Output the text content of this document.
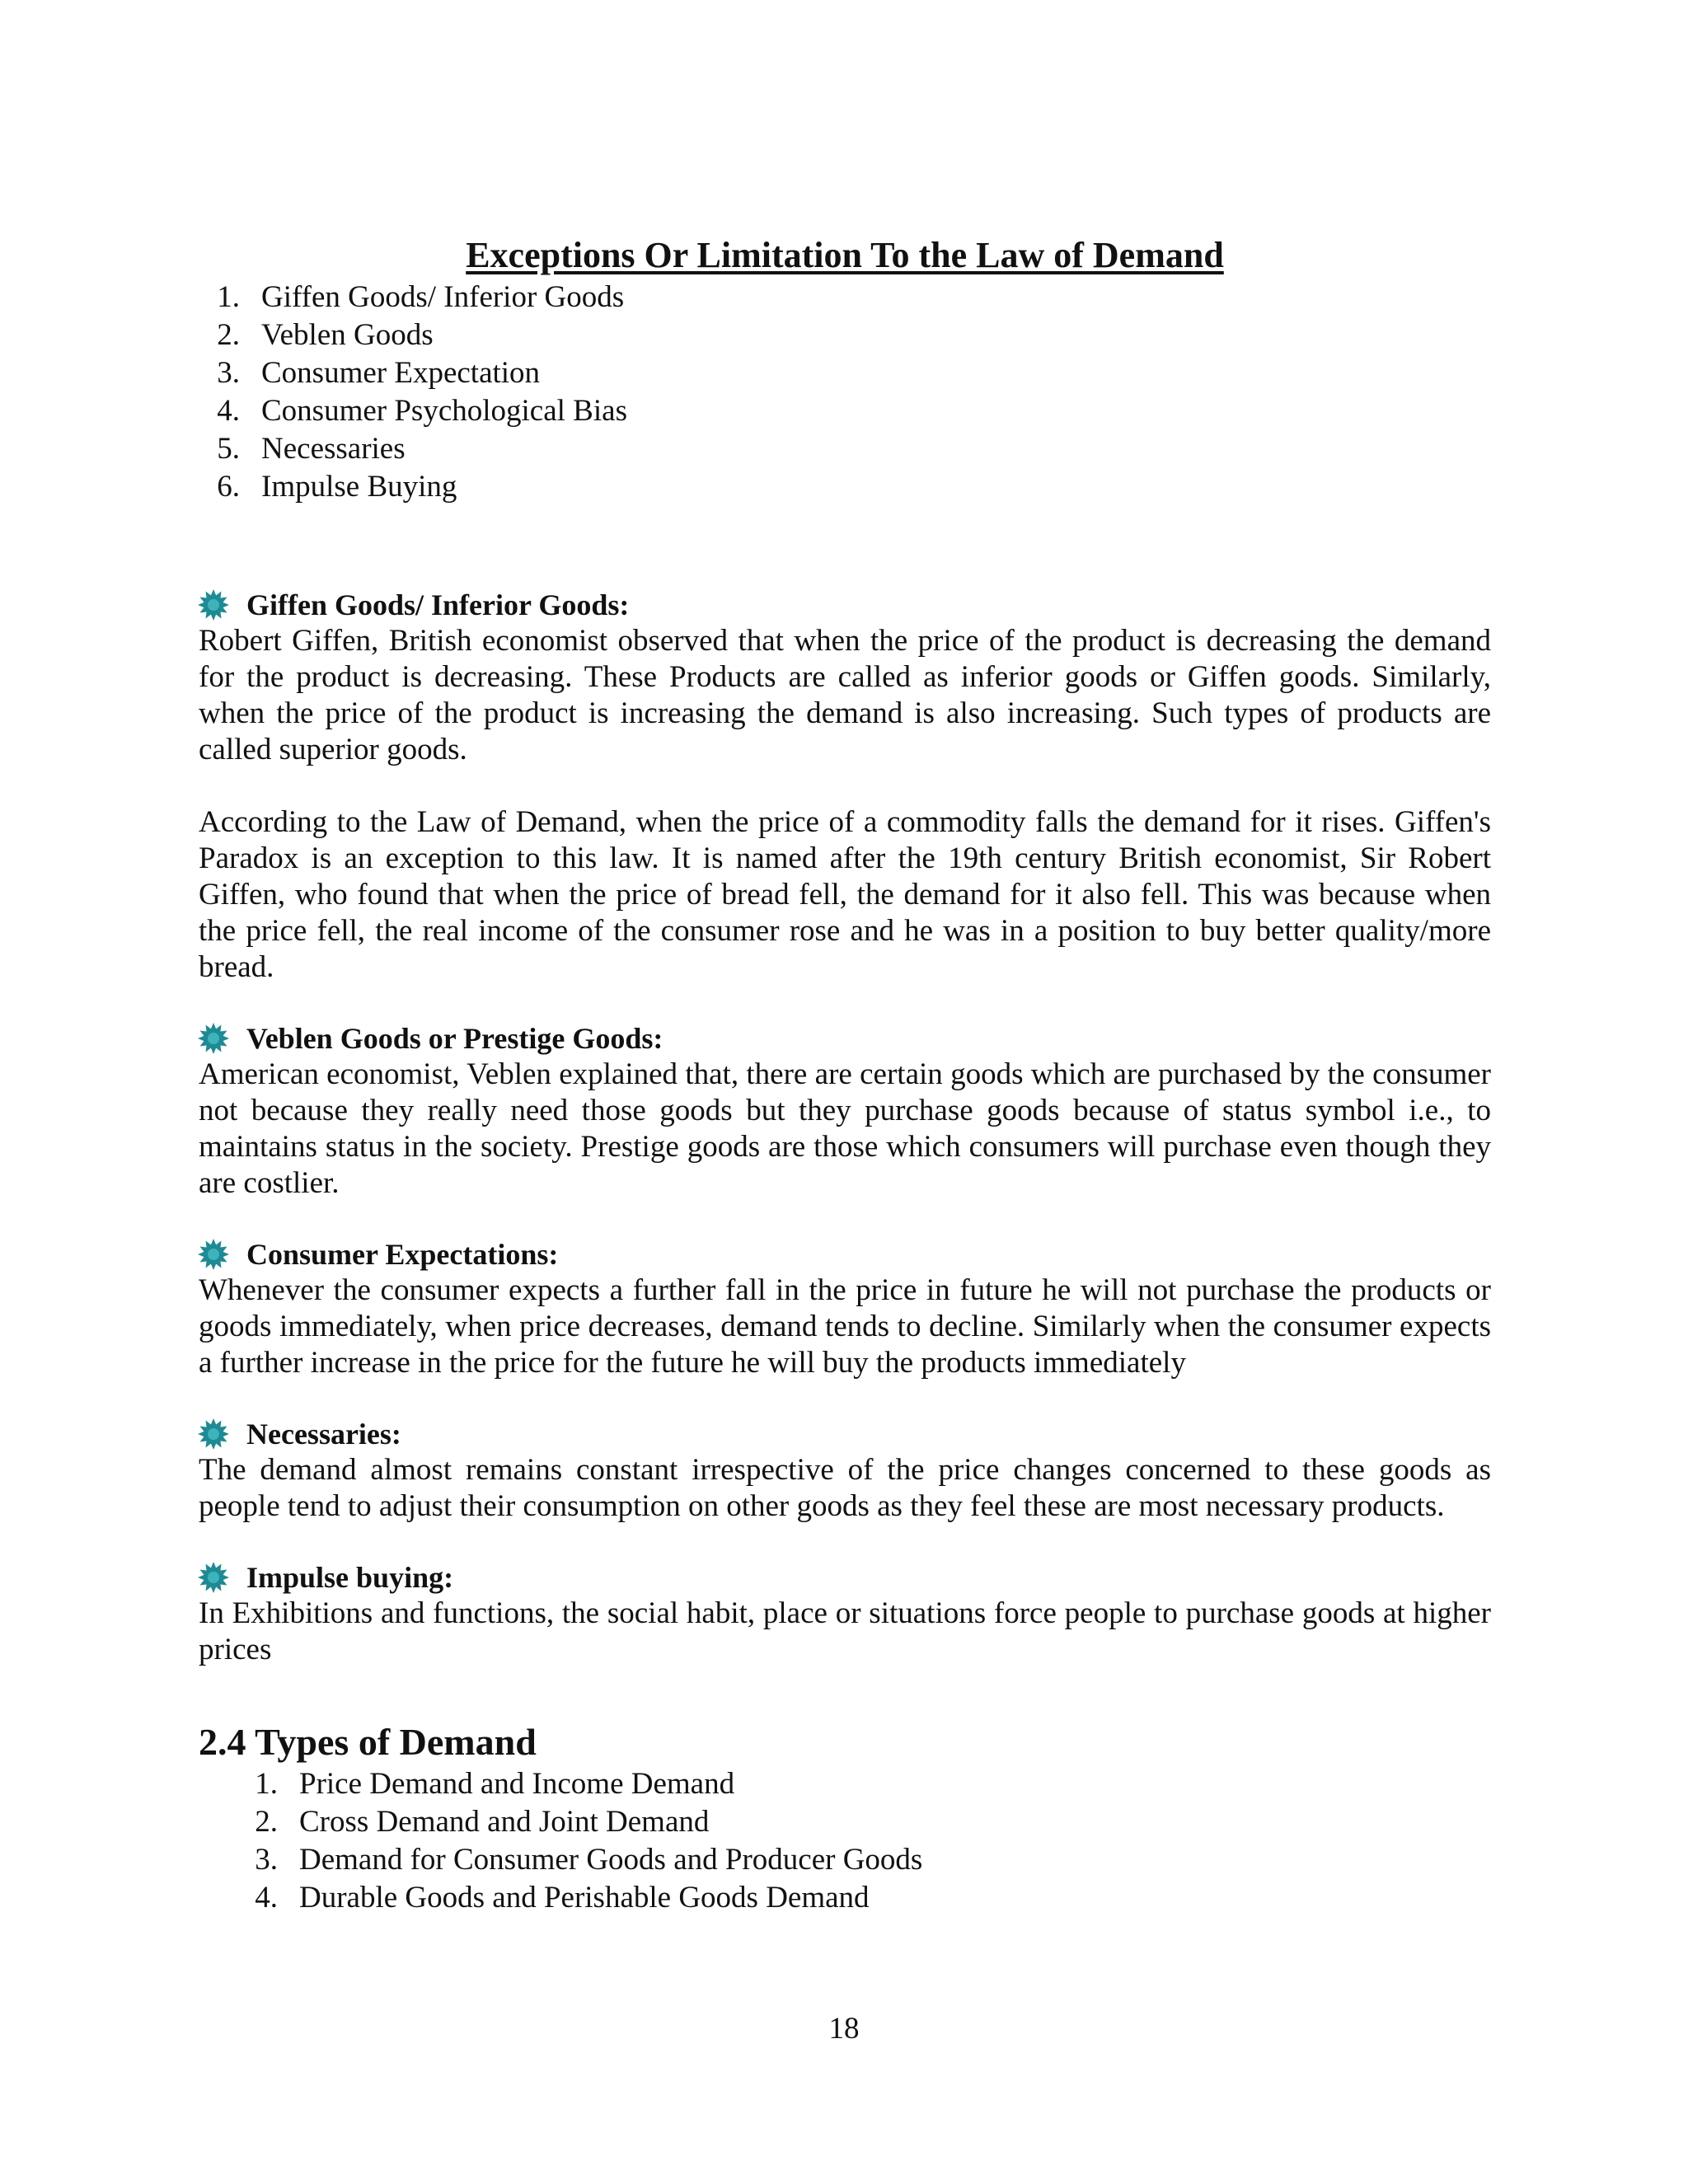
Exceptions Or Limitation To the Law of Demand
1. Giffen Goods/ Inferior Goods
2. Veblen Goods
3. Consumer Expectation
4. Consumer Psychological Bias
5. Necessaries
6. Impulse Buying
Giffen Goods/ Inferior Goods:

Robert Giffen, British economist observed that when the price of the product is decreasing the demand for the product is decreasing. These Products are called as inferior goods or Giffen goods. Similarly, when the price of the product is increasing the demand is also increasing. Such types of products are called superior goods.

According to the Law of Demand, when the price of a commodity falls the demand for it rises. Giffen's Paradox is an exception to this law. It is named after the 19th century British economist, Sir Robert Giffen, who found that when the price of bread fell, the demand for it also fell. This was because when the price fell, the real income of the consumer rose and he was in a position to buy better quality/more bread.

Veblen Goods or Prestige Goods:

American economist, Veblen explained that, there are certain goods which are purchased by the consumer not because they really need those goods but they purchase goods because of status symbol i.e., to maintains status in the society. Prestige goods are those which consumers will purchase even though they are costlier.

Consumer Expectations:

Whenever the consumer expects a further fall in the price in future he will not purchase the products or goods immediately, when price decreases, demand tends to decline. Similarly when the consumer expects a further increase in the price for the future he will buy the products immediately

Necessaries:

The demand almost remains constant irrespective of the price changes concerned to these goods as people tend to adjust their consumption on other goods as they feel these are most necessary products.

Impulse buying:

In Exhibitions and functions, the social habit, place or situations force people to purchase goods at higher prices

2.4 Types of Demand
1. Price Demand and Income Demand
2. Cross Demand and Joint Demand
3. Demand for Consumer Goods and Producer Goods
4. Durable Goods and Perishable Goods Demand
18
